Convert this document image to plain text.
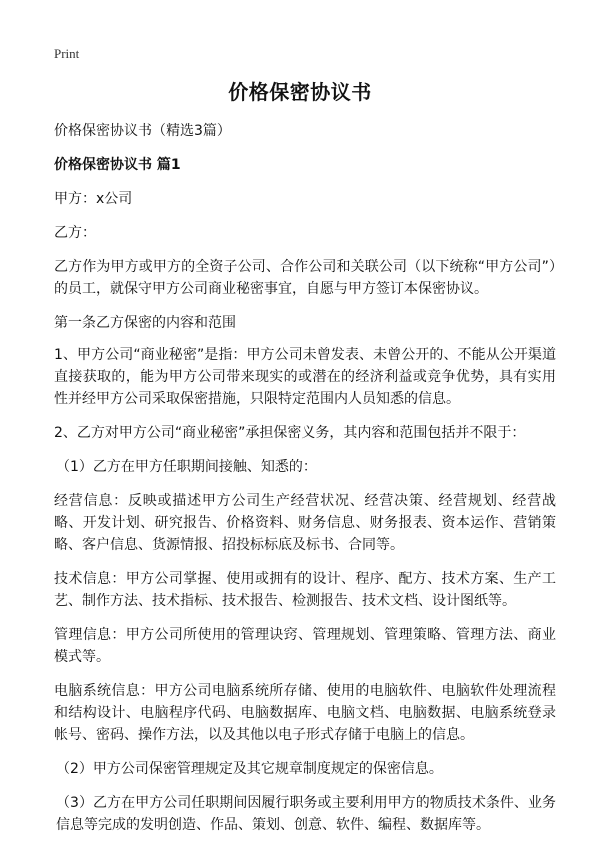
Print
价格保密协议书

价格保密协议书（精选3篇）

价格保密协议书 篇1

甲方：x公司

乙方：

乙方作为甲方或甲方的全资子公司、合作公司和关联公司（以下统称“甲方公司”）的员工，就保守甲方公司商业秘密事宜，自愿与甲方签订本保密协议。

第一条乙方保密的内容和范围

1、甲方公司“商业秘密”是指：甲方公司未曾发表、未曾公开的、不能从公开渠道直接获取的，能为甲方公司带来现实的或潜在的经济利益或竞争优势，具有实用性并经甲方公司采取保密措施，只限特定范围内人员知悉的信息。

2、乙方对甲方公司“商业秘密”承担保密义务，其内容和范围包括并不限于：

（1）乙方在甲方任职期间接触、知悉的：

经营信息：反映或描述甲方公司生产经营状况、经营决策、经营规划、经营战略、开发计划、研究报告、价格资料、财务信息、财务报表、资本运作、营销策略、客户信息、货源情报、招投标标底及标书、合同等。

技术信息：甲方公司掌握、使用或拥有的设计、程序、配方、技术方案、生产工艺、制作方法、技术指标、技术报告、检测报告、技术文档、设计图纸等。

管理信息：甲方公司所使用的管理诀窍、管理规划、管理策略、管理方法、商业模式等。

电脑系统信息：甲方公司电脑系统所存储、使用的电脑软件、电脑软件处理流程和结构设计、电脑程序代码、电脑数据库、电脑文档、电脑数据、电脑系统登录帐号、密码、操作方法，以及其他以电子形式存储于电脑上的信息。

（2）甲方公司保密管理规定及其它规章制度规定的保密信息。

（3）乙方在甲方公司任职期间因履行职务或主要利用甲方的物质技术条件、业务信息等完成的发明创造、作品、策划、创意、软件、编程、数据库等。
